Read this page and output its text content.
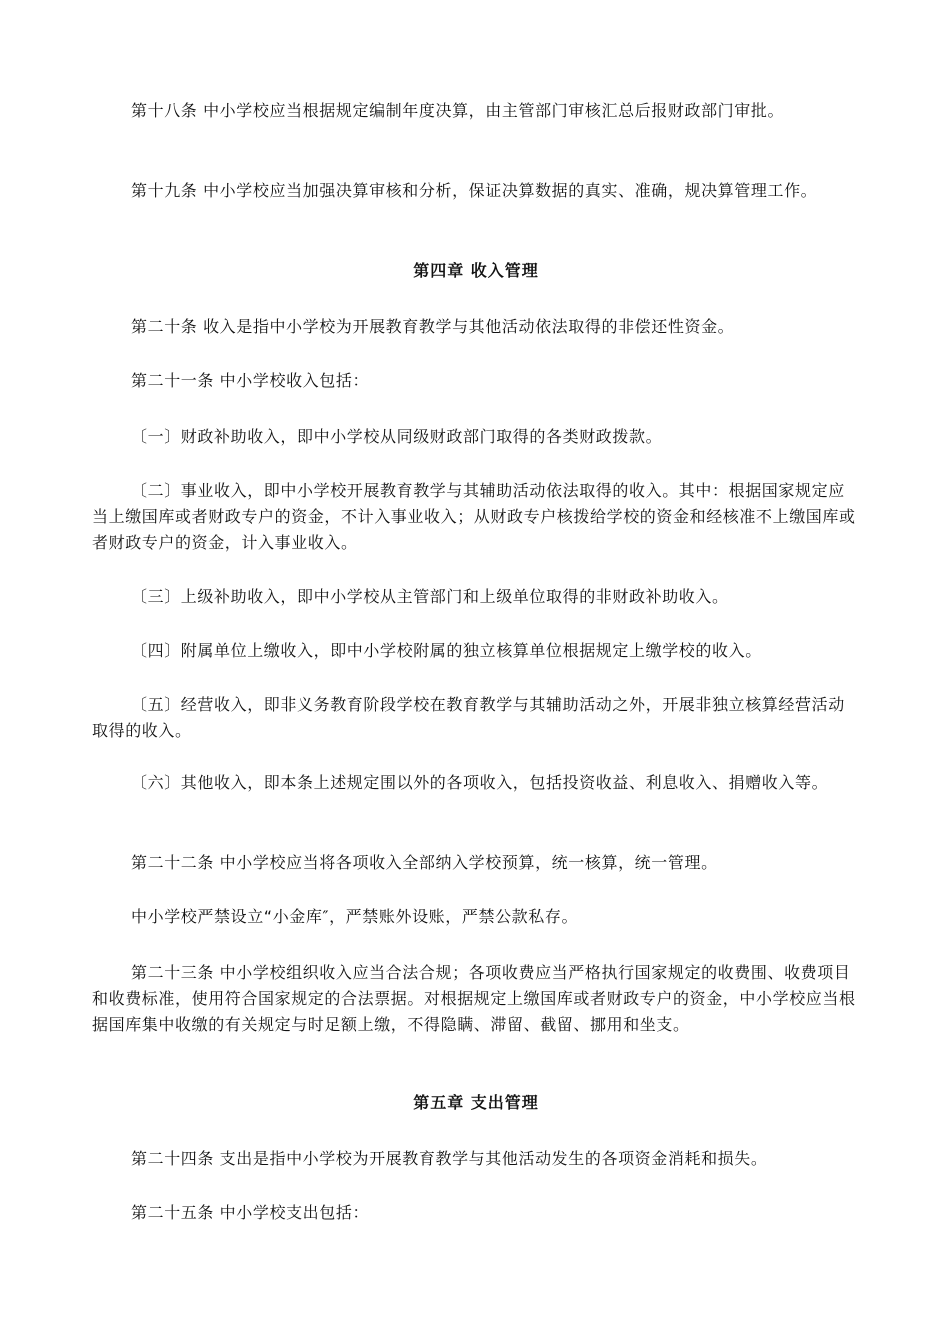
第十八条 中小学校应当根据规定编制年度决算，由主管部门审核汇总后报财政部门审批。

第十九条 中小学校应当加强决算审核和分析，保证决算数据的真实、准确，规决算管理工作。

第四章 收入管理

第二十条 收入是指中小学校为开展教育教学与其他活动依法取得的非偿还性资金。

第二十一条 中小学校收入包括：

〔一〕财政补助收入，即中小学校从同级财政部门取得的各类财政拨款。

〔二〕事业收入，即中小学校开展教育教学与其辅助活动依法取得的收入。其中：根据国家规定应当上缴国库或者财政专户的资金，不计入事业收入；从财政专户核拨给学校的资金和经核准不上缴国库或者财政专户的资金，计入事业收入。

〔三〕上级补助收入，即中小学校从主管部门和上级单位取得的非财政补助收入。

〔四〕附属单位上缴收入，即中小学校附属的独立核算单位根据规定上缴学校的收入。

〔五〕经营收入，即非义务教育阶段学校在教育教学与其辅助活动之外，开展非独立核算经营活动取得的收入。

〔六〕其他收入，即本条上述规定围以外的各项收入，包括投资收益、利息收入、捐赠收入等。

第二十二条 中小学校应当将各项收入全部纳入学校预算，统一核算，统一管理。

中小学校严禁设立“小金库″，严禁账外设账，严禁公款私存。

第二十三条 中小学校组织收入应当合法合规；各项收费应当严格执行国家规定的收费围、收费项目和收费标准，使用符合国家规定的合法票据。对根据规定上缴国库或者财政专户的资金，中小学校应当根据国库集中收缴的有关规定与时足额上缴，不得隐瞒、滞留、截留、挪用和坐支。

第五章 支出管理

第二十四条 支出是指中小学校为开展教育教学与其他活动发生的各项资金消耗和损失。

第二十五条 中小学校支出包括：
